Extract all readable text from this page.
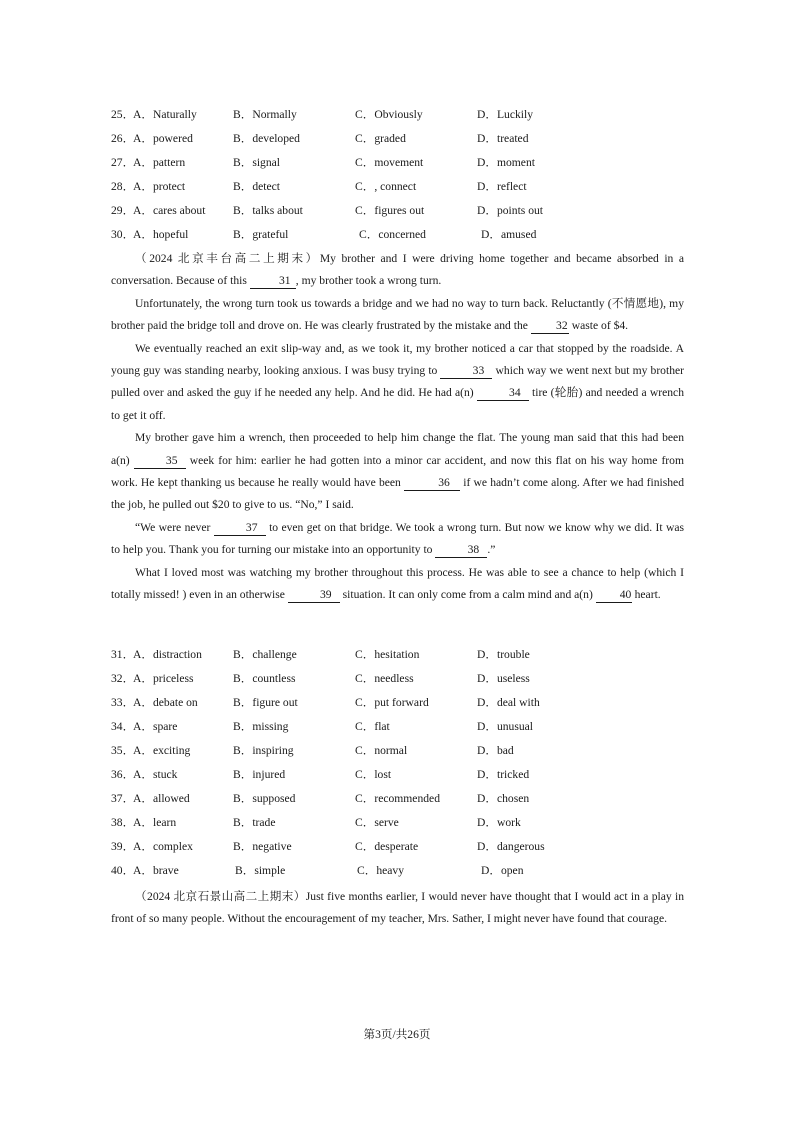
25．
A．Naturally	B．Normally	C．Obviously	D．Luckily
26．
A．powered	B．developed	C．graded	D．treated
27．
A．pattern	B．signal	C．movement	D．moment
28．
A．protect	B．detect	C．, connect	D．reflect
29．
A．cares about B．talks about	C．figures out	D．points out
30．
A．hopeful	B．grateful	C．concerned	D．amused

（2024 北京丰台高二上期末）My brother and I were driving home together and became absorbed in a conversation. Because of this	31 , my brother took a wrong turn.

Unfortunately, the wrong turn took us towards a bridge and we had no way to turn back. Reluctantly (不情愿地), my brother paid the bridge toll and drove on. He was clearly frustrated by the mistake and the 32 waste of $4.

We eventually reached an exit slip-way and, as we took it, my brother noticed a car that stopped by the roadside. A young guy was standing nearby, looking anxious. I was busy trying to	33 which way we went next but my brother pulled over and asked the guy if he needed any help. And he did. He had a(n)	34 tire (轮胎) and needed a wrench to get it off.

My brother gave him a wrench, then proceeded to help him change the flat. The young man said that this had been a(n)	35 week for him: earlier he had gotten into a minor car accident, and now this flat on his way home from work. He kept thanking us because he really would have been	36 if we hadn’t come along. After we had finished the job, he pulled out $20 to give to us. “No,” I said.

“We were never	37 to even get on that bridge. We took a wrong turn. But now we know why we did. It was to help you. Thank you for turning our mistake into an opportunity to	38 .”

What I loved most was watching my brother throughout this process. He was able to see a chance to help (which I totally missed! ) even in an otherwise	39 situation. It can only come from a calm mind and a(n) 40 heart.

31．
A．distraction	B．challenge	C．hesitation	D．trouble
32．
A．priceless	B．countless	C．needless	D．useless
33．
A．debate on	B．figure out	C．put forward	D．deal with
34．
A．spare	B．missing	C．flat	D．unusual
35．
A．exciting	B．inspiring	C．normal	D．bad
36．
A．stuck	B．injured	C．lost	D．tricked
37．
A．allowed	B．supposed	C．recommended	D．chosen
38．
A．learn	B．trade	C．serve	D．work
39．
A．complex	B．negative	C．desperate	D．dangerous
40．
A．brave	B．simple	C．heavy	D．open

（2024 北京石景山高二上期末）Just five months earlier, I would never have thought that I would act in a play in front of so many people. Without the encouragement of my teacher, Mrs. Sather, I might never have found that courage.

第3页/共26页
